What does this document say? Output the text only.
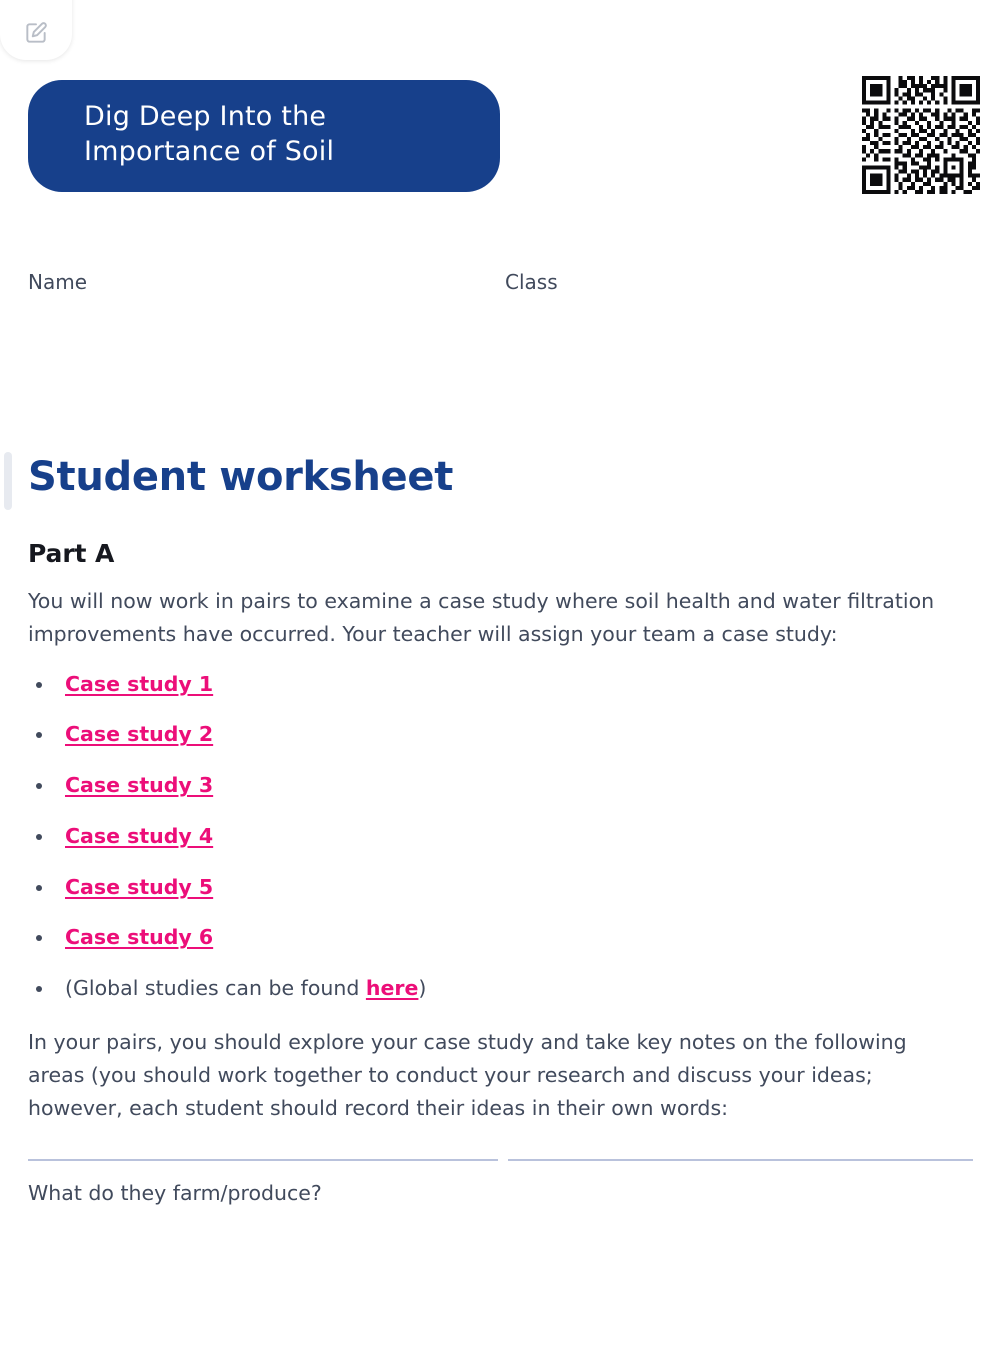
Dig Deep Into the Importance of Soil
Name	Class
Student worksheet
Part A

You will now work in pairs to examine a case study where soil health and water filtration improvements have occurred. Your teacher will assign your team a case study:

Case study 1
Case study 2
Case study 3
Case study 4
Case study 5
Case study 6
(Global studies can be found here)

In your pairs, you should explore your case study and take key notes on the following areas (you should work together to conduct your research and discuss your ideas; however, each student should record their ideas in their own words:

What do they farm/produce?
